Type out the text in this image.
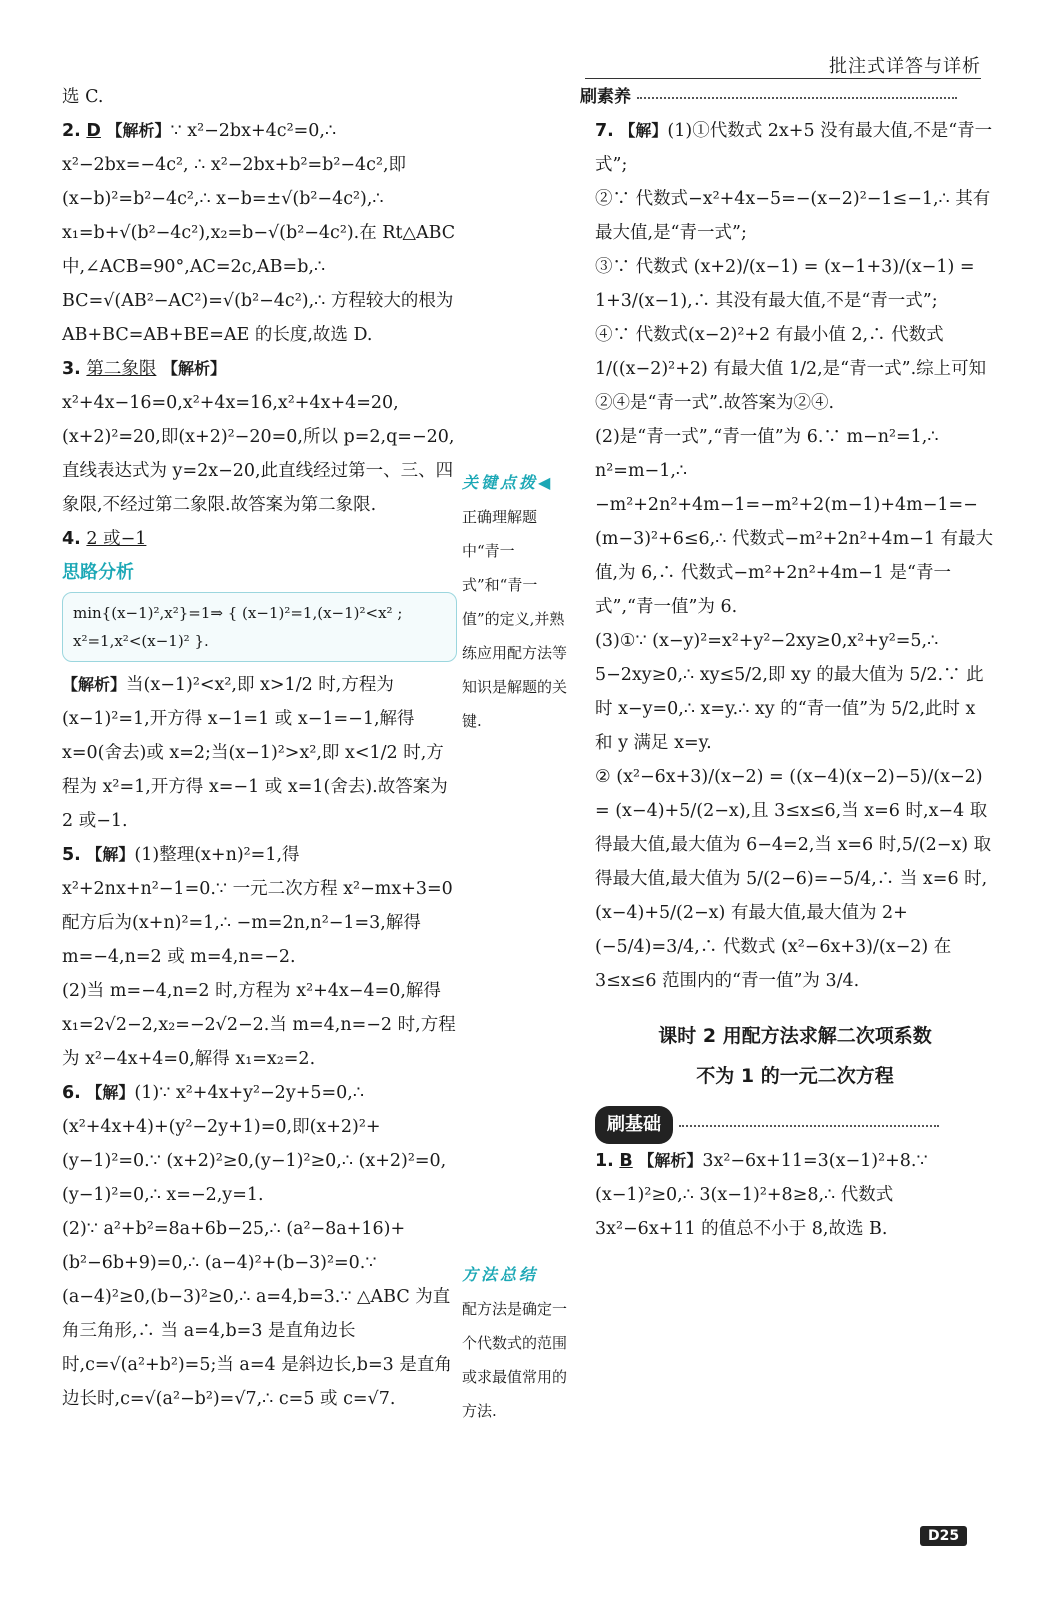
批注式详答与详析

选 C.

2. D 【解析】∵ x²−2bx+4c²=0,∴ x²−2bx=−4c², ∴ x²−2bx+b²=b²−4c²,即(x−b)²=b²−4c²,∴ x−b=±√(b²−4c²),∴ x₁=b+√(b²−4c²),x₂=b−√(b²−4c²).在 Rt△ABC 中,∠ACB=90°,AC=2c,AB=b,∴ BC=√(AB²−AC²)=√(b²−4c²),∴ 方程较大的根为 AB+BC=AB+BE=AE 的长度,故选 D.

3. 第二象限 【解析】x²+4x−16=0,x²+4x=16,x²+4x+4=20,(x+2)²=20,即(x+2)²−20=0,所以 p=2,q=−20,直线表达式为 y=2x−20,此直线经过第一、三、四象限,不经过第二象限.故答案为第二象限.

4. 2 或−1

思路分析
min{(x−1)²,x²}=1⇒ { (x−1)²=1,(x−1)²<x² ; x²=1,x²<(x−1)² }.

【解析】当(x−1)²<x²,即 x>1/2 时,方程为(x−1)²=1,开方得 x−1=1 或 x−1=−1,解得 x=0(舍去)或 x=2;当(x−1)²>x²,即 x<1/2 时,方程为 x²=1,开方得 x=−1 或 x=1(舍去).故答案为 2 或−1.

5. 【解】(1)整理(x+n)²=1,得 x²+2nx+n²−1=0.∵ 一元二次方程 x²−mx+3=0 配方后为(x+n)²=1,∴ −m=2n,n²−1=3,解得 m=−4,n=2 或 m=4,n=−2.

(2)当 m=−4,n=2 时,方程为 x²+4x−4=0,解得 x₁=2√2−2,x₂=−2√2−2.当 m=4,n=−2 时,方程为 x²−4x+4=0,解得 x₁=x₂=2.

6. 【解】(1)∵ x²+4x+y²−2y+5=0,∴ (x²+4x+4)+(y²−2y+1)=0,即(x+2)²+(y−1)²=0.∵ (x+2)²≥0,(y−1)²≥0,∴ (x+2)²=0,(y−1)²=0,∴ x=−2,y=1.

(2)∵ a²+b²=8a+6b−25,∴ (a²−8a+16)+(b²−6b+9)=0,∴ (a−4)²+(b−3)²=0.∵ (a−4)²≥0,(b−3)²≥0,∴ a=4,b=3.∵ △ABC 为直角三角形,∴ 当 a=4,b=3 是直角边长时,c=√(a²+b²)=5;当 a=4 是斜边长,b=3 是直角边长时,c=√(a²−b²)=√7,∴ c=5 或 c=√7.

关键点拨◀
正确理解题中“青一式”和“青一值”的定义,并熟练应用配方法等知识是解题的关键.
方法总结
配方法是确定一个代数式的范围或求最值常用的方法.
刷素养

7. 【解】(1)①代数式 2x+5 没有最大值,不是“青一式”;

②∵ 代数式−x²+4x−5=−(x−2)²−1≤−1,∴ 其有最大值,是“青一式”;

③∵ 代数式 (x+2)/(x−1) = (x−1+3)/(x−1) = 1+3/(x−1),∴ 其没有最大值,不是“青一式”;

④∵ 代数式(x−2)²+2 有最小值 2,∴ 代数式 1/((x−2)²+2) 有最大值 1/2,是“青一式”.综上可知②④是“青一式”.故答案为②④.

(2)是“青一式”,“青一值”为 6.∵ m−n²=1,∴ n²=m−1,∴ −m²+2n²+4m−1=−m²+2(m−1)+4m−1=−(m−3)²+6≤6,∴ 代数式−m²+2n²+4m−1 有最大值,为 6,∴ 代数式−m²+2n²+4m−1 是“青一式”,“青一值”为 6.

(3)①∵ (x−y)²=x²+y²−2xy≥0,x²+y²=5,∴ 5−2xy≥0,∴ xy≤5/2,即 xy 的最大值为 5/2.∵ 此时 x−y=0,∴ x=y.∴ xy 的“青一值”为 5/2,此时 x 和 y 满足 x=y.

② (x²−6x+3)/(x−2) = ((x−4)(x−2)−5)/(x−2) = (x−4)+5/(2−x),且 3≤x≤6,当 x=6 时,x−4 取得最大值,最大值为 6−4=2,当 x=6 时,5/(2−x) 取得最大值,最大值为 5/(2−6)=−5/4,∴ 当 x=6 时,(x−4)+5/(2−x) 有最大值,最大值为 2+(−5/4)=3/4,∴ 代数式 (x²−6x+3)/(x−2) 在 3≤x≤6 范围内的“青一值”为 3/4.

课时 2 用配方法求解二次项系数
不为 1 的一元二次方程
刷基础

1. B 【解析】3x²−6x+11=3(x−1)²+8.∵ (x−1)²≥0,∴ 3(x−1)²+8≥8,∴ 代数式 3x²−6x+11 的值总不小于 8,故选 B.

D25
